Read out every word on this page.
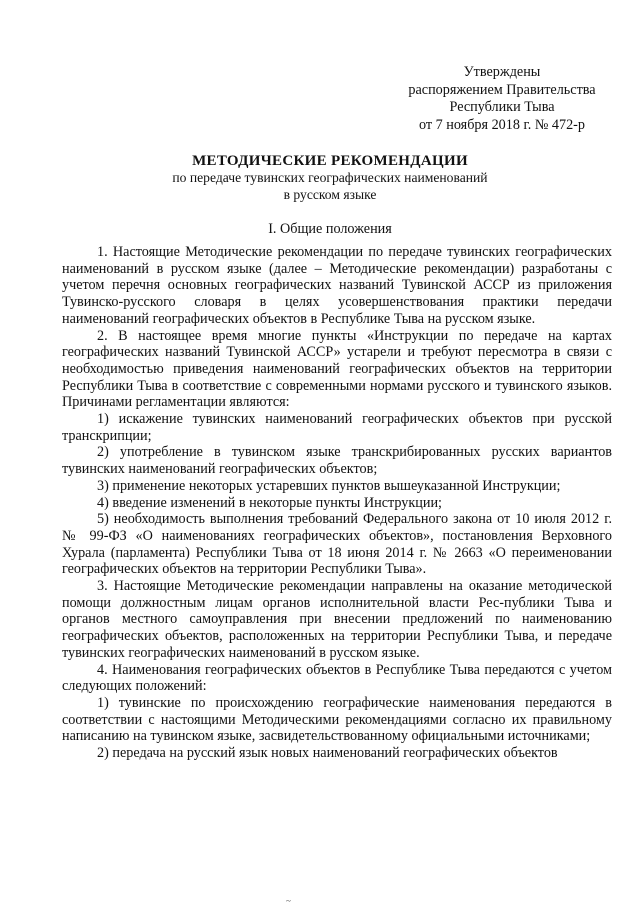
Утверждены
распоряжением Правительства
Республики Тыва
от 7 ноября 2018 г. № 472-р
МЕТОДИЧЕСКИЕ РЕКОМЕНДАЦИИ
по передаче тувинских географических наименований
в русском языке
I. Общие положения

1. Настоящие Методические рекомендации по передаче тувинских географических наименований в русском языке (далее – Методические рекомендации) разработаны с учетом перечня основных географических названий Тувинской АССР из приложения Тувинско-русского словаря в целях усовершенствования практики передачи наименований географических объектов в Республике Тыва на русском языке.

2. В настоящее время многие пункты «Инструкции по передаче на картах географических названий Тувинской АССР» устарели и требуют пересмотра в связи с необходимостью приведения наименований географических объектов на территории Республики Тыва в соответствие с современными нормами русского и тувинского языков. Причинами регламентации являются:

1) искажение тувинских наименований географических объектов при русской транскрипции;

2) употребление в тувинском языке транскрибированных русских вариантов тувинских наименований географических объектов;

3) применение некоторых устаревших пунктов вышеуказанной Инструкции;

4) введение изменений в некоторые пункты Инструкции;

5) необходимость выполнения требований Федерального закона от 10 июля 2012 г. № 99-ФЗ «О наименованиях географических объектов», постановления Верховного Хурала (парламента) Республики Тыва от 18 июня 2014 г. № 2663 «О переименовании географических объектов на территории Республики Тыва».

3. Настоящие Методические рекомендации направлены на оказание методической помощи должностным лицам органов исполнительной власти Рес-публики Тыва и органов местного самоуправления при внесении предложений по наименованию географических объектов, расположенных на территории Республики Тыва, и передаче тувинских географических наименований в русском языке.

4. Наименования географических объектов в Республике Тыва передаются с учетом следующих положений:

1) тувинские по происхождению географические наименования передаются в соответствии с настоящими Методическими рекомендациями согласно их правильному написанию на тувинском языке, засвидетельствованному официальными источниками;

2) передача на русский язык новых наименований географических объектов

~
